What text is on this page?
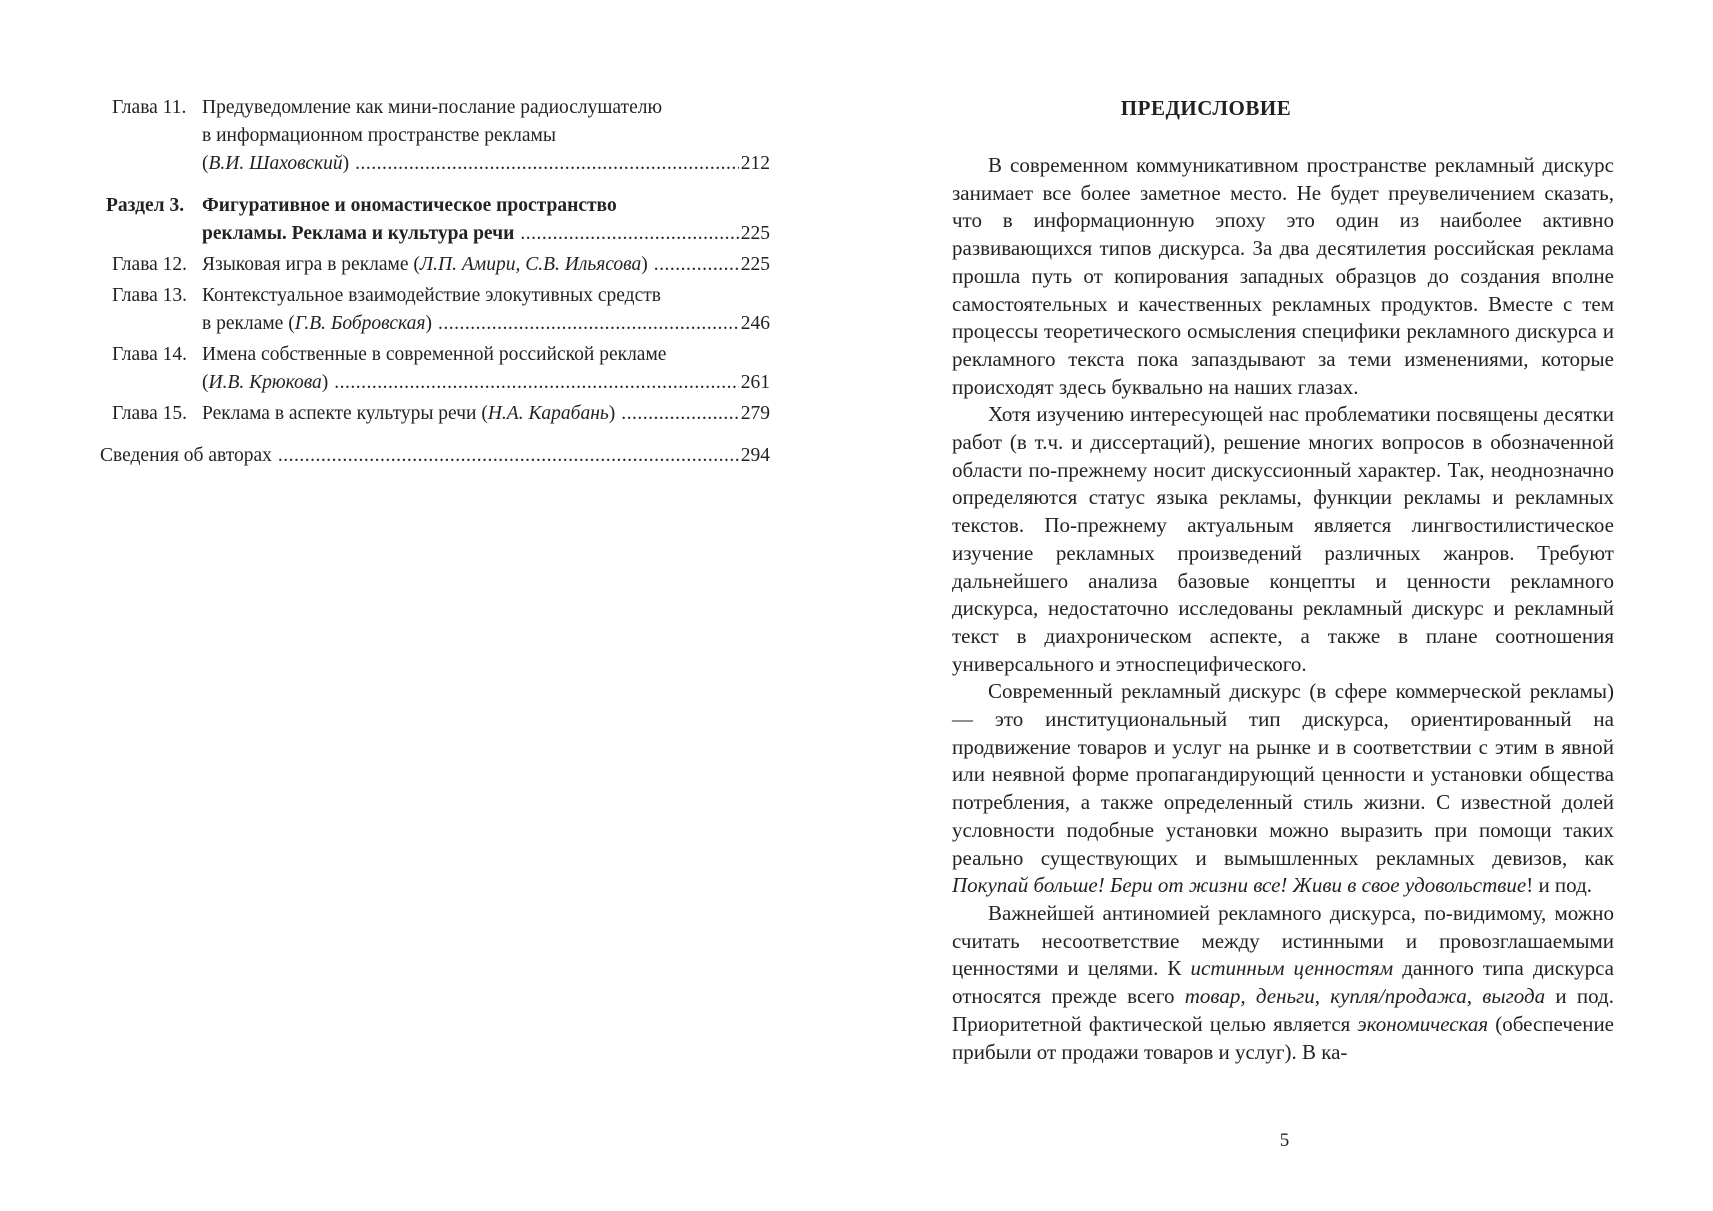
Глава 11. Предуведомление как мини-послание радиослушателю
в информационном пространстве рекламы
(В.И. Шаховский) .....	212
Раздел 3. Фигуративное и ономастическое пространство
рекламы. Реклама и культура речи .....	225
Глава 12. Языковая игра в рекламе (Л.П. Амири, С.В. Ильясова) .....	225
Глава 13. Контекстуальное взаимодействие элокутивных средств
в рекламе (Г.В. Бобровская) .....	246
Глава 14. Имена собственные в современной российской рекламе
(И.В. Крюкова) .....	261
Глава 15. Реклама в аспекте культуры речи (Н.А. Карабань) .....	279
Сведения об авторах .....	294
ПРЕДИСЛОВИЕ

В современном коммуникативном пространстве рекламный дискурс занимает все более заметное место. Не будет преувеличением сказать, что в информационную эпоху это один из наиболее активно развивающихся типов дискурса. За два десятилетия российская реклама прошла путь от копирования западных образцов до создания вполне самостоятельных и качественных рекламных продуктов. Вместе с тем процессы теоретического осмысления специфики рекламного дискурса и рекламного текста пока запаздывают за теми изменениями, которые происходят здесь буквально на наших глазах.

Хотя изучению интересующей нас проблематики посвящены десятки работ (в т.ч. и диссертаций), решение многих вопросов в обозначенной области по-прежнему носит дискуссионный характер. Так, неоднозначно определяются статус языка рекламы, функции рекламы и рекламных текстов. По-прежнему актуальным является лингвостилистическое изучение рекламных произведений различных жанров. Требуют дальнейшего анализа базовые концепты и ценности рекламного дискурса, недостаточно исследованы рекламный дискурс и рекламный текст в диахроническом аспекте, а также в плане соотношения универсального и этноспецифического.

Современный рекламный дискурс (в сфере коммерческой рекламы) — это институциональный тип дискурса, ориентированный на продвижение товаров и услуг на рынке и в соответствии с этим в явной или неявной форме пропагандирующий ценности и установки общества потребления, а также определенный стиль жизни. С известной долей условности подобные установки можно выразить при помощи таких реально существующих и вымышленных рекламных девизов, как Покупай больше! Бери от жизни все! Живи в свое удовольствие! и под.

Важнейшей антиномией рекламного дискурса, по-видимому, можно считать несоответствие между истинными и провозглашаемыми ценностями и целями. К истинным ценностям данного типа дискурса относятся прежде всего товар, деньги, купля/продажа, выгода и под. Приоритетной фактической целью является экономическая (обеспечение прибыли от продажи товаров и услуг). В ка-

5
